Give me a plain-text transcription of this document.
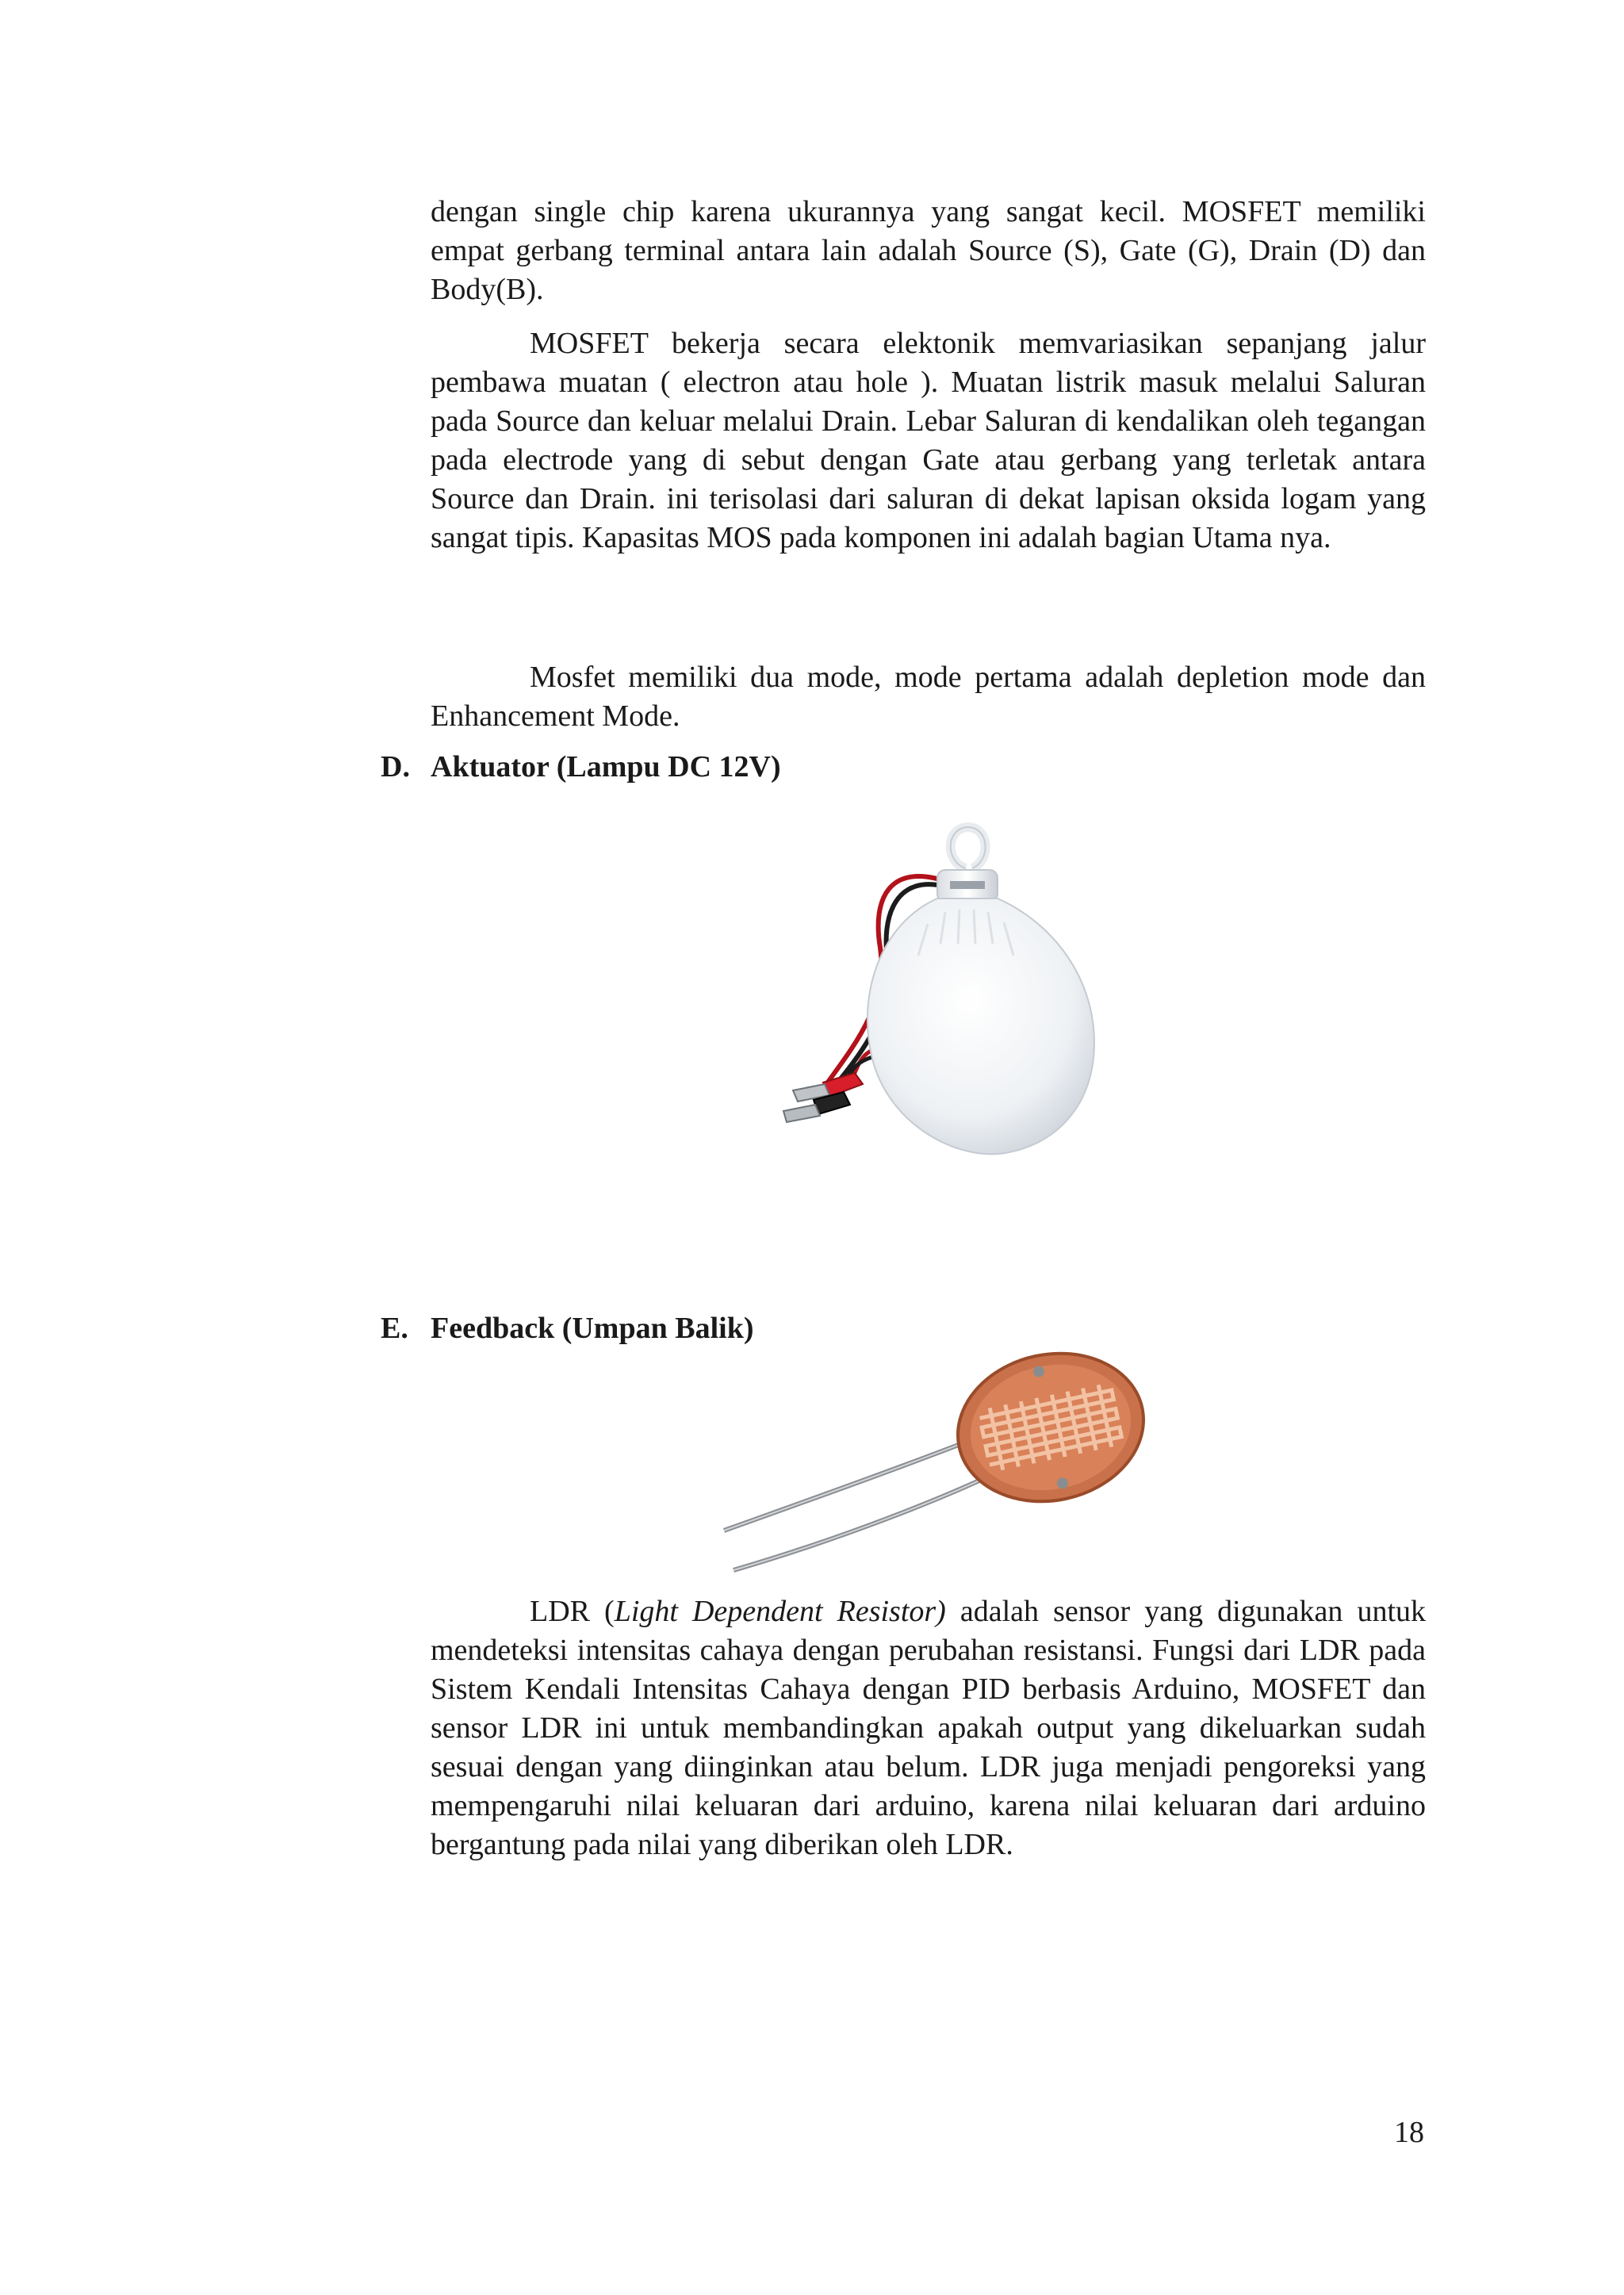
dengan single chip karena ukurannya yang sangat kecil. MOSFET memiliki empat gerbang terminal antara lain adalah Source (S), Gate (G), Drain (D) dan Body(B).

MOSFET bekerja secara elektonik memvariasikan sepanjang jalur pembawa muatan ( electron atau hole ). Muatan listrik masuk melalui Saluran pada Source dan keluar melalui Drain. Lebar Saluran di kendalikan oleh tegangan pada electrode yang di sebut dengan Gate atau gerbang yang terletak antara Source dan Drain. ini terisolasi dari saluran di dekat lapisan oksida logam yang sangat tipis. Kapasitas MOS pada komponen ini adalah bagian Utama nya.

Mosfet memiliki dua mode, mode pertama adalah depletion mode dan Enhancement Mode.

D. Aktuator (Lampu DC 12V)

E. Feedback (Umpan Balik)

LDR (Light Dependent Resistor) adalah sensor yang digunakan untuk mendeteksi intensitas cahaya dengan perubahan resistansi. Fungsi dari LDR pada Sistem Kendali Intensitas Cahaya dengan PID berbasis Arduino, MOSFET dan sensor LDR ini untuk membandingkan apakah output yang dikeluarkan sudah sesuai dengan yang diinginkan atau belum. LDR juga menjadi pengoreksi yang mempengaruhi nilai keluaran dari arduino, karena nilai keluaran dari arduino bergantung pada nilai yang diberikan oleh LDR.

18
